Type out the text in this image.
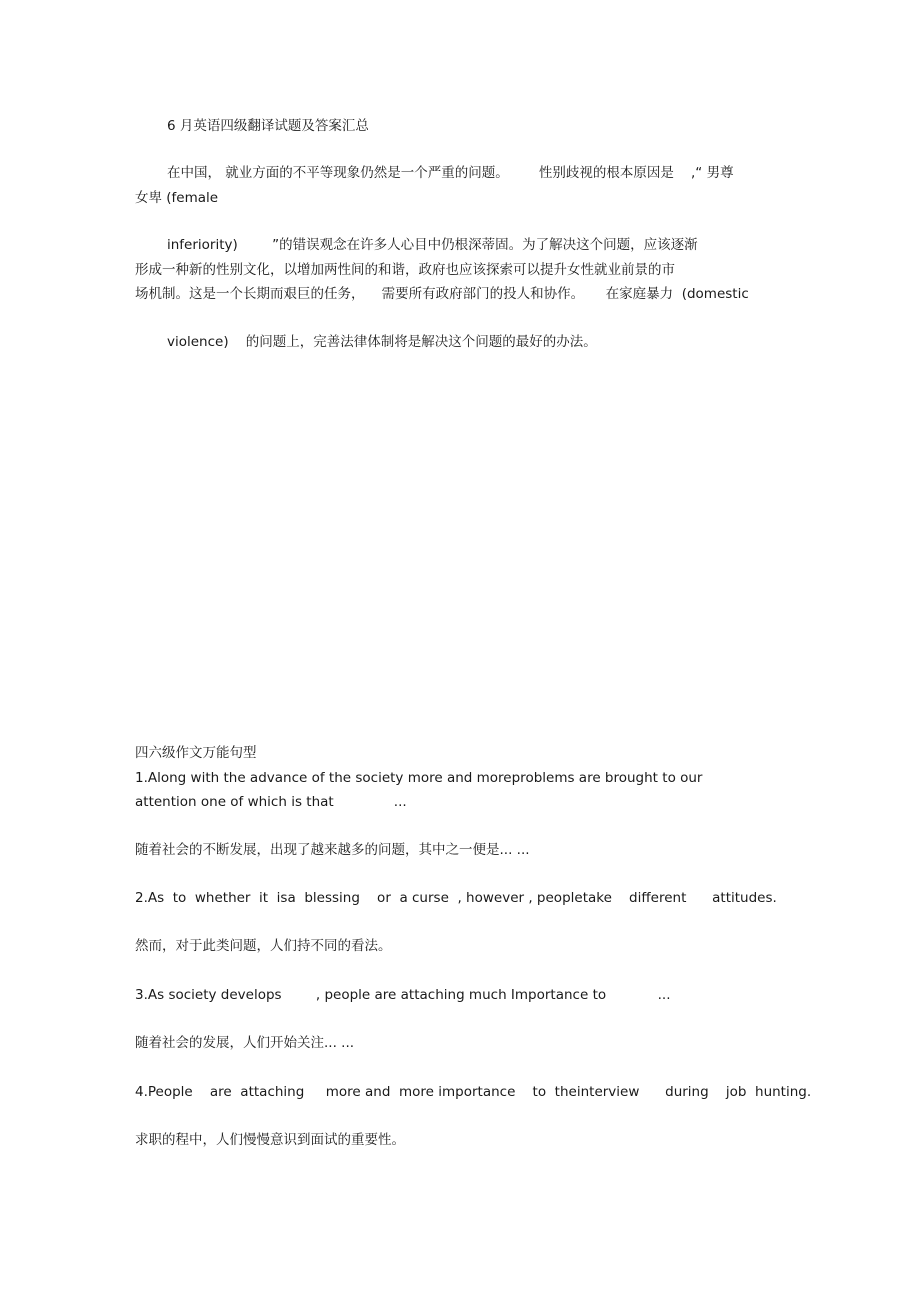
6 月英语四级翻译试题及答案汇总
在中国， 就业方面的不平等现象仍然是一个严重的问题。       性别歧视的根本原因是    ,“ 男尊
女卑 (female
inferiority)        ”的错误观念在许多人心目中仍根深蒂固。为了解决这个问题，应该逐渐
形成一种新的性别文化，以增加两性间的和谐，政府也应该探索可以提升女性就业前景的市
场机制。这是一个长期而艰巨的任务，    需要所有政府部门的投人和协作。     在家庭暴力  (domestic
violence)    的问题上，完善法律体制将是解决这个问题的最好的办法。
四六级作文万能句型
1.Along with the advance of the society more and moreproblems are brought to our
attention one of which is that              ...
随着社会的不断发展，出现了越来越多的问题，其中之一便是... ...
2.As  to  whether  it  isa  blessing    or  a curse  , however , peopletake    different      attitudes.
然而，对于此类问题，人们持不同的看法。
3.As society develops        , people are attaching much Importance to            ...
随着社会的发展，人们开始关注... ...
4.People    are  attaching     more and  more importance    to  theinterview      during    job  hunting.
求职的程中，人们慢慢意识到面试的重要性。
